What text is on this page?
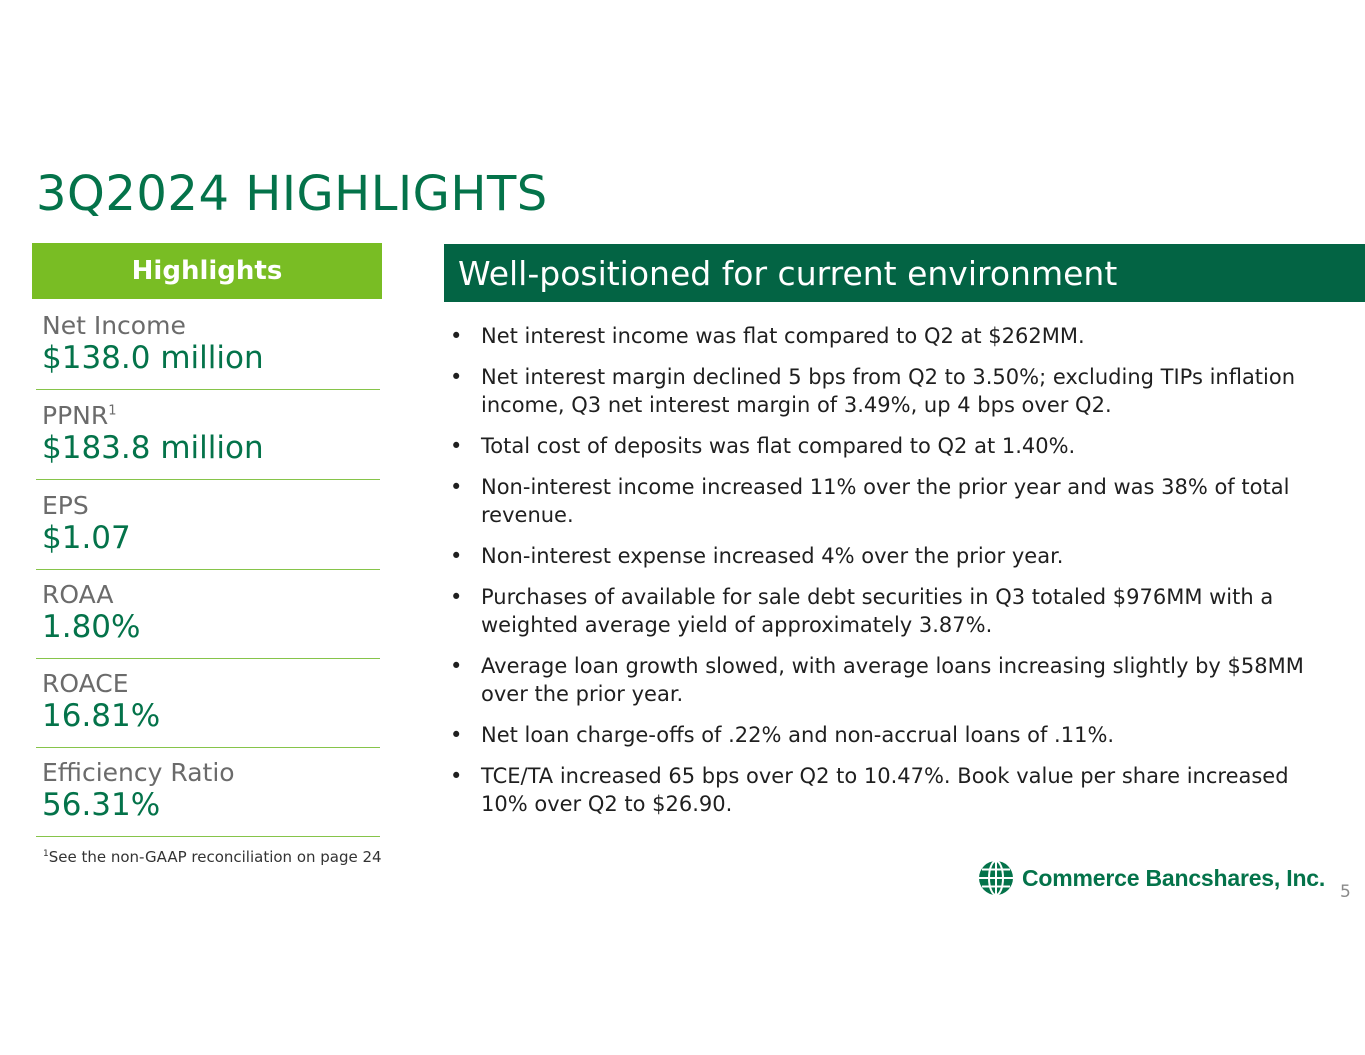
3Q2024 HIGHLIGHTS
Highlights
Net Income
$138.0 million
PPNR$^1$
$183.8 million
EPS
$1.07
ROAA
1.80%
ROACE
16.81%
Efficiency Ratio
56.31%
$^1$See the non-GAAP reconciliation on page 24
Well-positioned for current environment
• Net interest income was flat compared to Q2 at $262MM.
• Net interest margin declined 5 bps from Q2 to 3.50%; excluding TIPs inflation income, Q3 net interest margin of 3.49%, up 4 bps over Q2.
• Total cost of deposits was flat compared to Q2 at 1.40%.
• Non-interest income increased 11% over the prior year and was 38% of total revenue.
• Non-interest expense increased 4% over the prior year.
• Purchases of available for sale debt securities in Q3 totaled $976MM with a weighted average yield of approximately 3.87%.
• Average loan growth slowed, with average loans increasing slightly by $58MM over the prior year.
• Net loan charge-offs of .22% and non-accrual loans of .11%.
• TCE/TA increased 65 bps over Q2 to 10.47%. Book value per share increased 10% over Q2 to $26.90.
Commerce Bancshares, Inc.
5
